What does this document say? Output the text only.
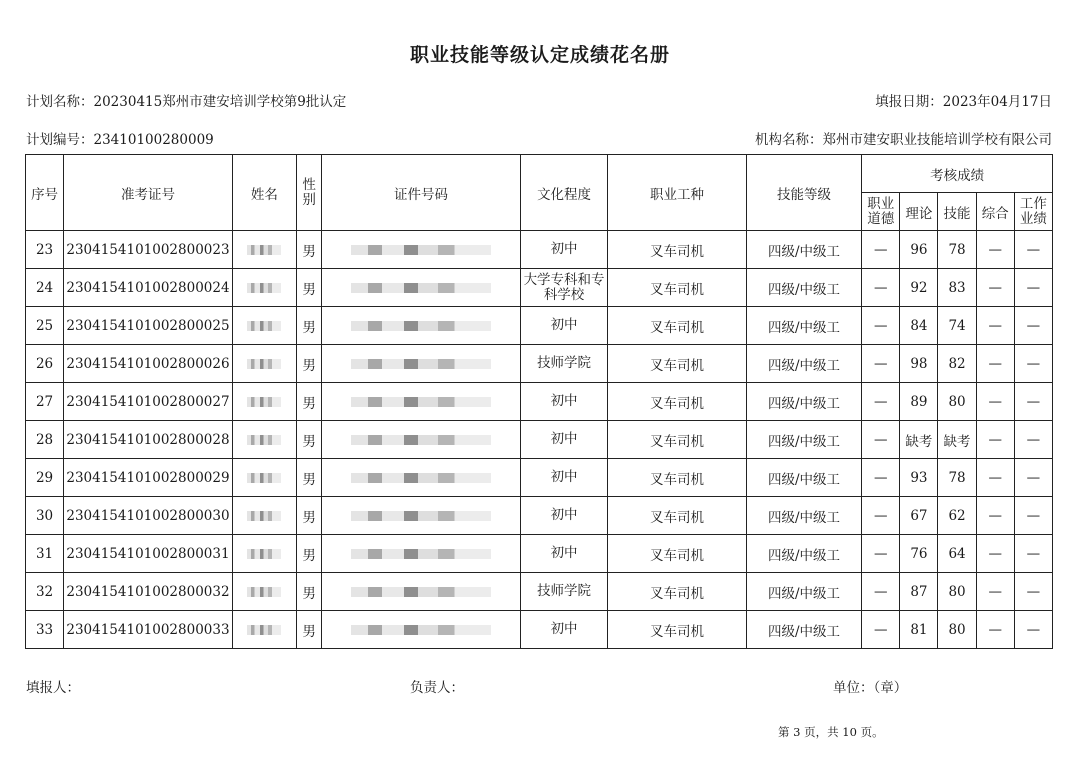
职业技能等级认定成绩花名册
计划名称：20230415郑州市建安培训学校第9批认定	填报日期：2023年04月17日
计划编号：23410100280009	机构名称：郑州市建安职业技能培训学校有限公司
序号	准考证号	姓名	性别	证件号码	文化程度	职业工种	技能等级	考核成绩				
								职业道德	理论	技能	综合	工作业绩
23	2304154101002800023		男		初中	叉车司机	四级/中级工	—	96	78	—	—
24	2304154101002800024		男		大学专科和专科学校	叉车司机	四级/中级工	—	92	83	—	—
25	2304154101002800025		男		初中	叉车司机	四级/中级工	—	84	74	—	—
26	2304154101002800026		男		技师学院	叉车司机	四级/中级工	—	98	82	—	—
27	2304154101002800027		男		初中	叉车司机	四级/中级工	—	89	80	—	—
28	2304154101002800028		男		初中	叉车司机	四级/中级工	—	缺考	缺考	—	—
29	2304154101002800029		男		初中	叉车司机	四级/中级工	—	93	78	—	—
30	2304154101002800030		男		初中	叉车司机	四级/中级工	—	67	62	—	—
31	2304154101002800031		男		初中	叉车司机	四级/中级工	—	76	64	—	—
32	2304154101002800032		男		技师学院	叉车司机	四级/中级工	—	87	80	—	—
33	2304154101002800033		男		初中	叉车司机	四级/中级工	—	81	80	—	—
填报人：	负责人：	单位：（章）
第 3 页，共 10 页。
